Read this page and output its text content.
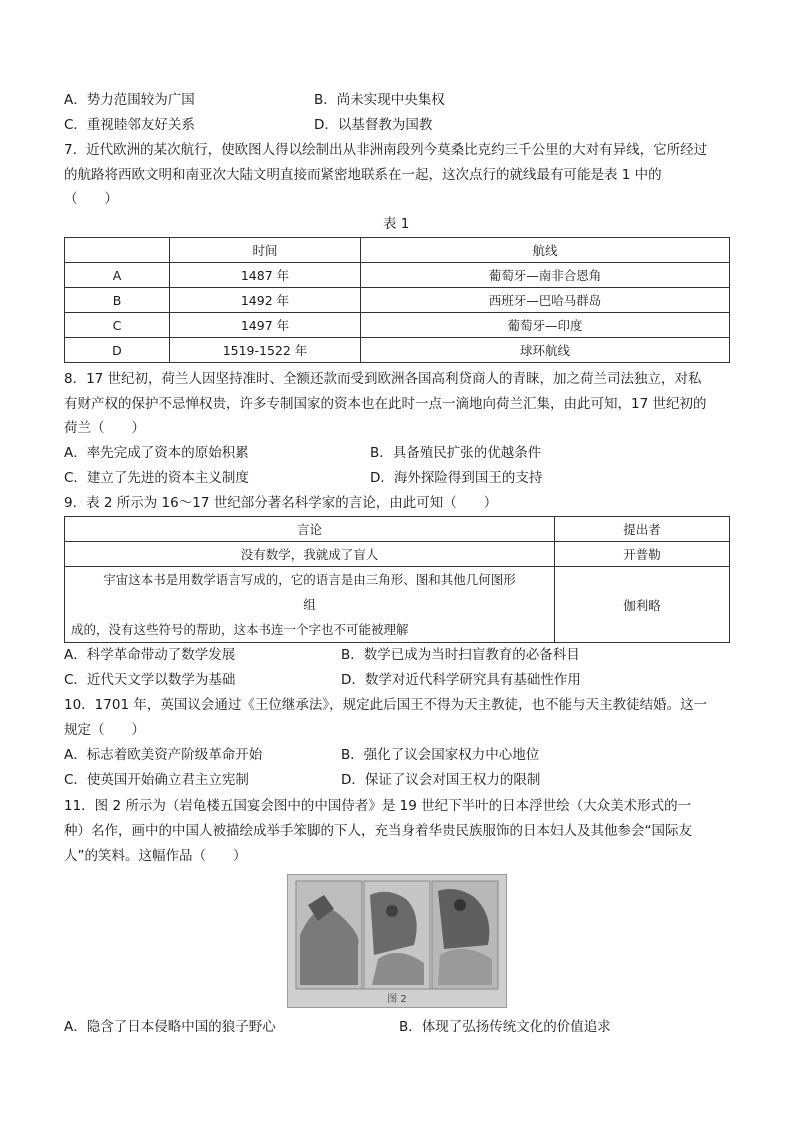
A．势力范围较为广国	B．尚未实现中央集权
C．重视睦邻友好关系	D．以基督教为国教
7．近代欧洲的某次航行，使欧图人得以绘制出从非洲南段列今莫桑比克约三千公里的大对有异线，它所经过
的航路将西欧文明和南亚次大陆文明直接而紧密地联系在一起，这次点行的就线最有可能是表 1 中的
（　　）
表 1
	时间	航线
A	1487 年	葡萄牙—南非合恩角
B	1492 年	西班牙—巴哈马群岛
C	1497 年	葡萄牙—印度
D	1519-1522 年	球环航线
8．17 世纪初，荷兰人因坚持准时、全额还款而受到欧洲各国高利贷商人的青睐，加之荷兰司法独立，对私
有财产权的保护不忌惮权贵，许多专制国家的资本也在此时一点一滴地向荷兰汇集，由此可知，17 世纪初的
荷兰（　　）
A．率先完成了资本的原始积累	B．具备殖民扩张的优越条件
C．建立了先进的资本主义制度	D．海外探险得到国王的支持
9．表 2 所示为 16～17 世纪部分著名科学家的言论，由此可知（　　）
言论	提出者
没有数学，我就成了盲人	开普勒

宇宙这本书是用数学语言写成的，它的语言是由三角形、图和其他几何图形
组
成的，没有这些符号的帮助，这本书连一个字也不可能被理解	伽利略
A．科学革命带动了数学发展	B．数学已成为当时扫盲教育的必备科目
C．近代天文学以数学为基础	D．数学对近代科学研究具有基础性作用
10．1701 年，英国议会通过《王位继承法》，规定此后国王不得为天主教徒，也不能与天主教徒结婚。这一
规定（　　）
A．标志着欧美资产阶级革命开始	B．强化了议会国家权力中心地位
C．使英国开始确立君主立宪制	D．保证了议会对国王权力的限制
11．图 2 所示为（岩龟楼五国宴会图中的中国侍者》是 19 世纪下半叶的日本浮世绘（大众美术形式的一
种）名作，画中的中国人被描绘成举手笨脚的下人，充当身着华贵民族服饰的日本妇人及其他参会“国际友
人”的笑料。这幅作品（　　）
图 2
A．隐含了日本侵略中国的狼子野心	B．体现了弘扬传统文化的价值追求
